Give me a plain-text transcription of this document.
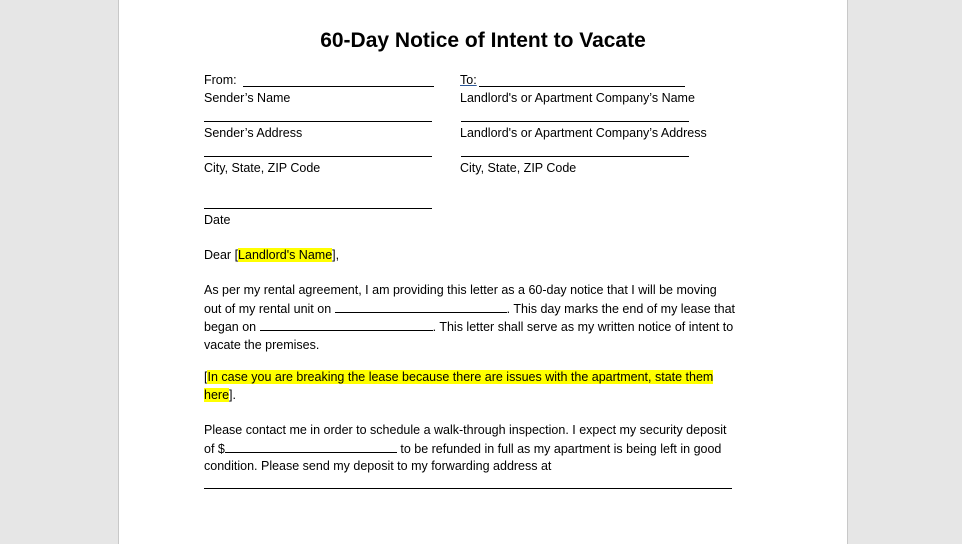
60-Day Notice of Intent to Vacate
From:
Sender’s Name
Sender’s Address
City, State, ZIP Code
Date
To:
Landlord's or Apartment Company’s Name
Landlord's or Apartment Company’s Address
City, State, ZIP Code
Dear [Landlord's Name],

As per my rental agreement, I am providing this letter as a 60-day notice that I will be moving

out of my rental unit on	. This day marks the end of my lease that

began on	. This letter shall serve as my written notice of intent to

vacate the premises.

[In case you are breaking the lease because there are issues with the apartment, state them

here].

Please contact me in order to schedule a walk-through inspection. I expect my security deposit

of $	to be refunded in full as my apartment is being left in good

condition. Please send my deposit to my forwarding address at
